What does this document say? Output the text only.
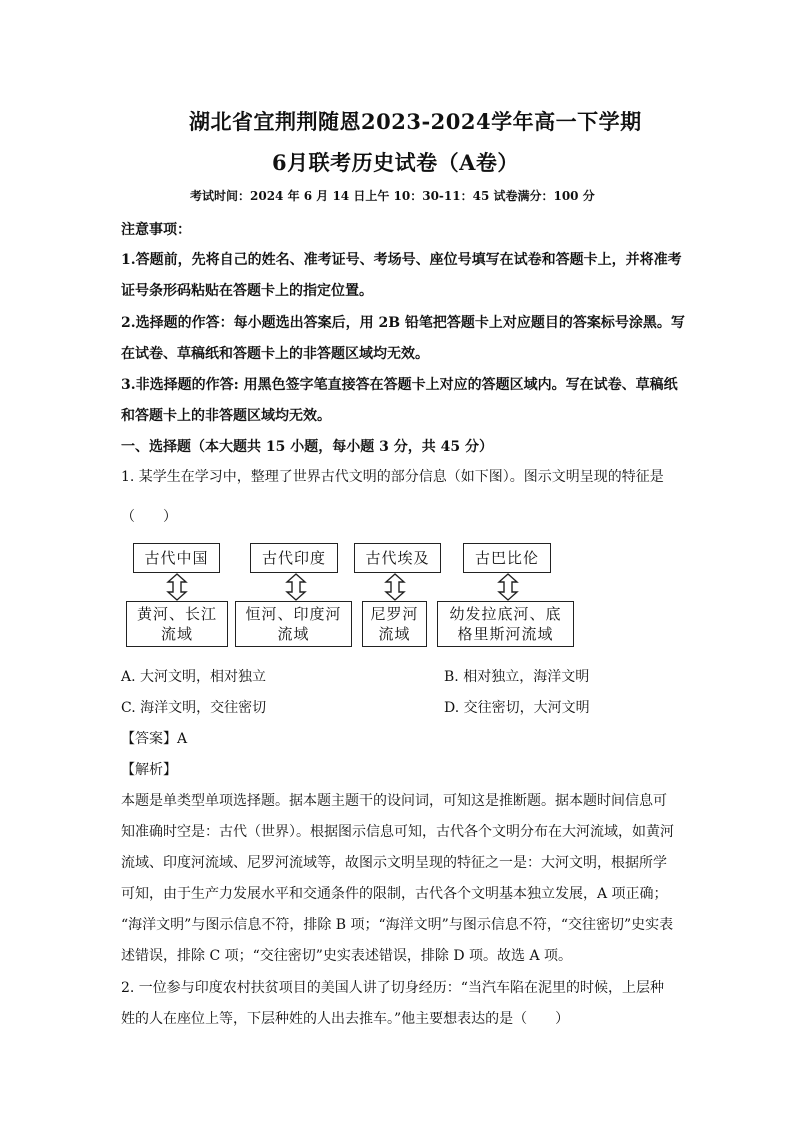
湖北省宜荆荆随恩2023-2024学年高一下学期
6月联考历史试卷（A卷）
考试时间：2024 年 6 月 14 日上午 10：30-11：45 试卷满分：100 分
注意事项：
1.答题前，先将自己的姓名、准考证号、考场号、座位号填写在试卷和答题卡上，并将准考
证号条形码粘贴在答题卡上的指定位置。
2.选择题的作答：每小题选出答案后，用 2B 铅笔把答题卡上对应题目的答案标号涂黑。写
在试卷、草稿纸和答题卡上的非答题区域均无效。
3.非选择题的作答: 用黑色签字笔直接答在答题卡上对应的答题区域内。写在试卷、草稿纸
和答题卡上的非答题区域均无效。
一、选择题（本大题共 15 小题，每小题 3 分，共 45 分）
1. 某学生在学习中，整理了世界古代文明的部分信息（如下图）。图示文明呈现的特征是
（　　）
古代中国	古代印度	古代埃及	古巴比伦
黄河、长江流域
恒河、印度河流域
尼罗河流域
幼发拉底河、底格里斯河流域
A. 大河文明，相对独立	B. 相对独立，海洋文明
C. 海洋文明，交往密切	D. 交往密切，大河文明
【答案】A
【解析】
本题是单类型单项选择题。据本题主题干的设问词，可知这是推断题。据本题时间信息可
知准确时空是：古代（世界）。根据图示信息可知，古代各个文明分布在大河流域，如黄河
流域、印度河流域、尼罗河流域等，故图示文明呈现的特征之一是：大河文明，根据所学
可知，由于生产力发展水平和交通条件的限制，古代各个文明基本独立发展，A 项正确；
“海洋文明”与图示信息不符，排除 B 项；“海洋文明”与图示信息不符，“交往密切”史实表
述错误，排除 C 项；“交往密切”史实表述错误，排除 D 项。故选 A 项。
2. 一位参与印度农村扶贫项目的美国人讲了切身经历：“当汽车陷在泥里的时候，上层种
姓的人在座位上等，下层种姓的人出去推车。”他主要想表达的是（　　）
